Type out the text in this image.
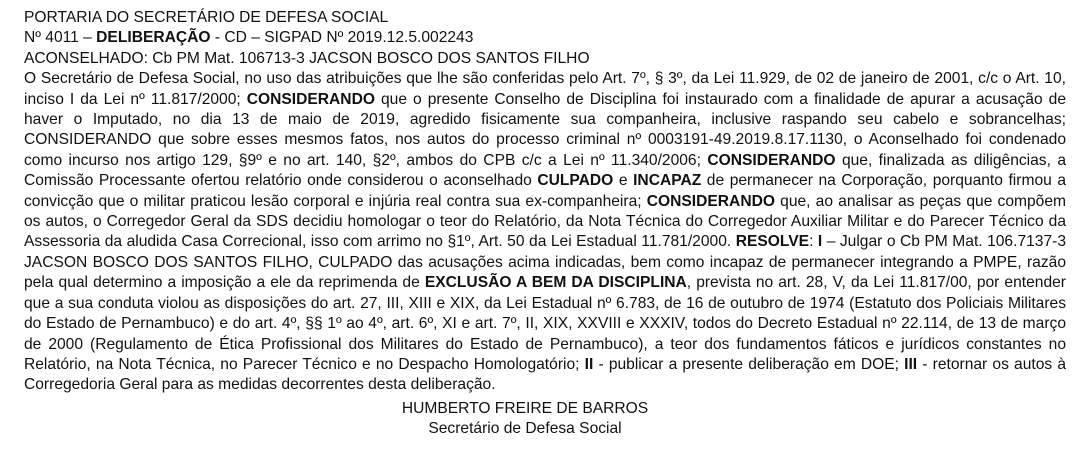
PORTARIA DO SECRETÁRIO DE DEFESA SOCIAL
Nº 4011 – DELIBERAÇÃO - CD – SIGPAD Nº 2019.12.5.002243
ACONSELHADO: Cb PM Mat. 106713-3 JACSON BOSCO DOS SANTOS FILHO
O Secretário de Defesa Social, no uso das atribuições que lhe são conferidas pelo Art. 7º, § 3º, da Lei 11.929, de 02 de janeiro de 2001, c/c o Art. 10, inciso I da Lei nº 11.817/2000; CONSIDERANDO que o presente Conselho de Disciplina foi instaurado com a finalidade de apurar a acusação de haver o Imputado, no dia 13 de maio de 2019, agredido fisicamente sua companheira, inclusive raspando seu cabelo e sobrancelhas; CONSIDERANDO que sobre esses mesmos fatos, nos autos do processo criminal nº 0003191-49.2019.8.17.1130, o Aconselhado foi condenado como incurso nos artigo 129, §9º e no art. 140, §2º, ambos do CPB c/c a Lei nº 11.340/2006; CONSIDERANDO que, finalizada as diligências, a Comissão Processante ofertou relatório onde considerou o aconselhado CULPADO e INCAPAZ de permanecer na Corporação, porquanto firmou a convicção que o militar praticou lesão corporal e injúria real contra sua ex-companheira; CONSIDERANDO que, ao analisar as peças que compõem os autos, o Corregedor Geral da SDS decidiu homologar o teor do Relatório, da Nota Técnica do Corregedor Auxiliar Militar e do Parecer Técnico da Assessoria da aludida Casa Correcional, isso com arrimo no §1º, Art. 50 da Lei Estadual 11.781/2000. RESOLVE: I – Julgar o Cb PM Mat. 106.7137-3 JACSON BOSCO DOS SANTOS FILHO, CULPADO das acusações acima indicadas, bem como incapaz de permanecer integrando a PMPE, razão pela qual determino a imposição a ele da reprimenda de EXCLUSÃO A BEM DA DISCIPLINA, prevista no art. 28, V, da Lei 11.817/00, por entender que a sua conduta violou as disposições do art. 27, III, XIII e XIX, da Lei Estadual nº 6.783, de 16 de outubro de 1974 (Estatuto dos Policiais Militares do Estado de Pernambuco) e do art. 4º, §§ 1º ao 4º, art. 6º, XI e art. 7º, II, XIX, XXVIII e XXXIV, todos do Decreto Estadual nº 22.114, de 13 de março de 2000 (Regulamento de Ética Profissional dos Militares do Estado de Pernambuco), a teor dos fundamentos fáticos e jurídicos constantes no Relatório, na Nota Técnica, no Parecer Técnico e no Despacho Homologatório; II - publicar a presente deliberação em DOE; III - retornar os autos à Corregedoria Geral para as medidas decorrentes desta deliberação.
HUMBERTO FREIRE DE BARROS
Secretário de Defesa Social
